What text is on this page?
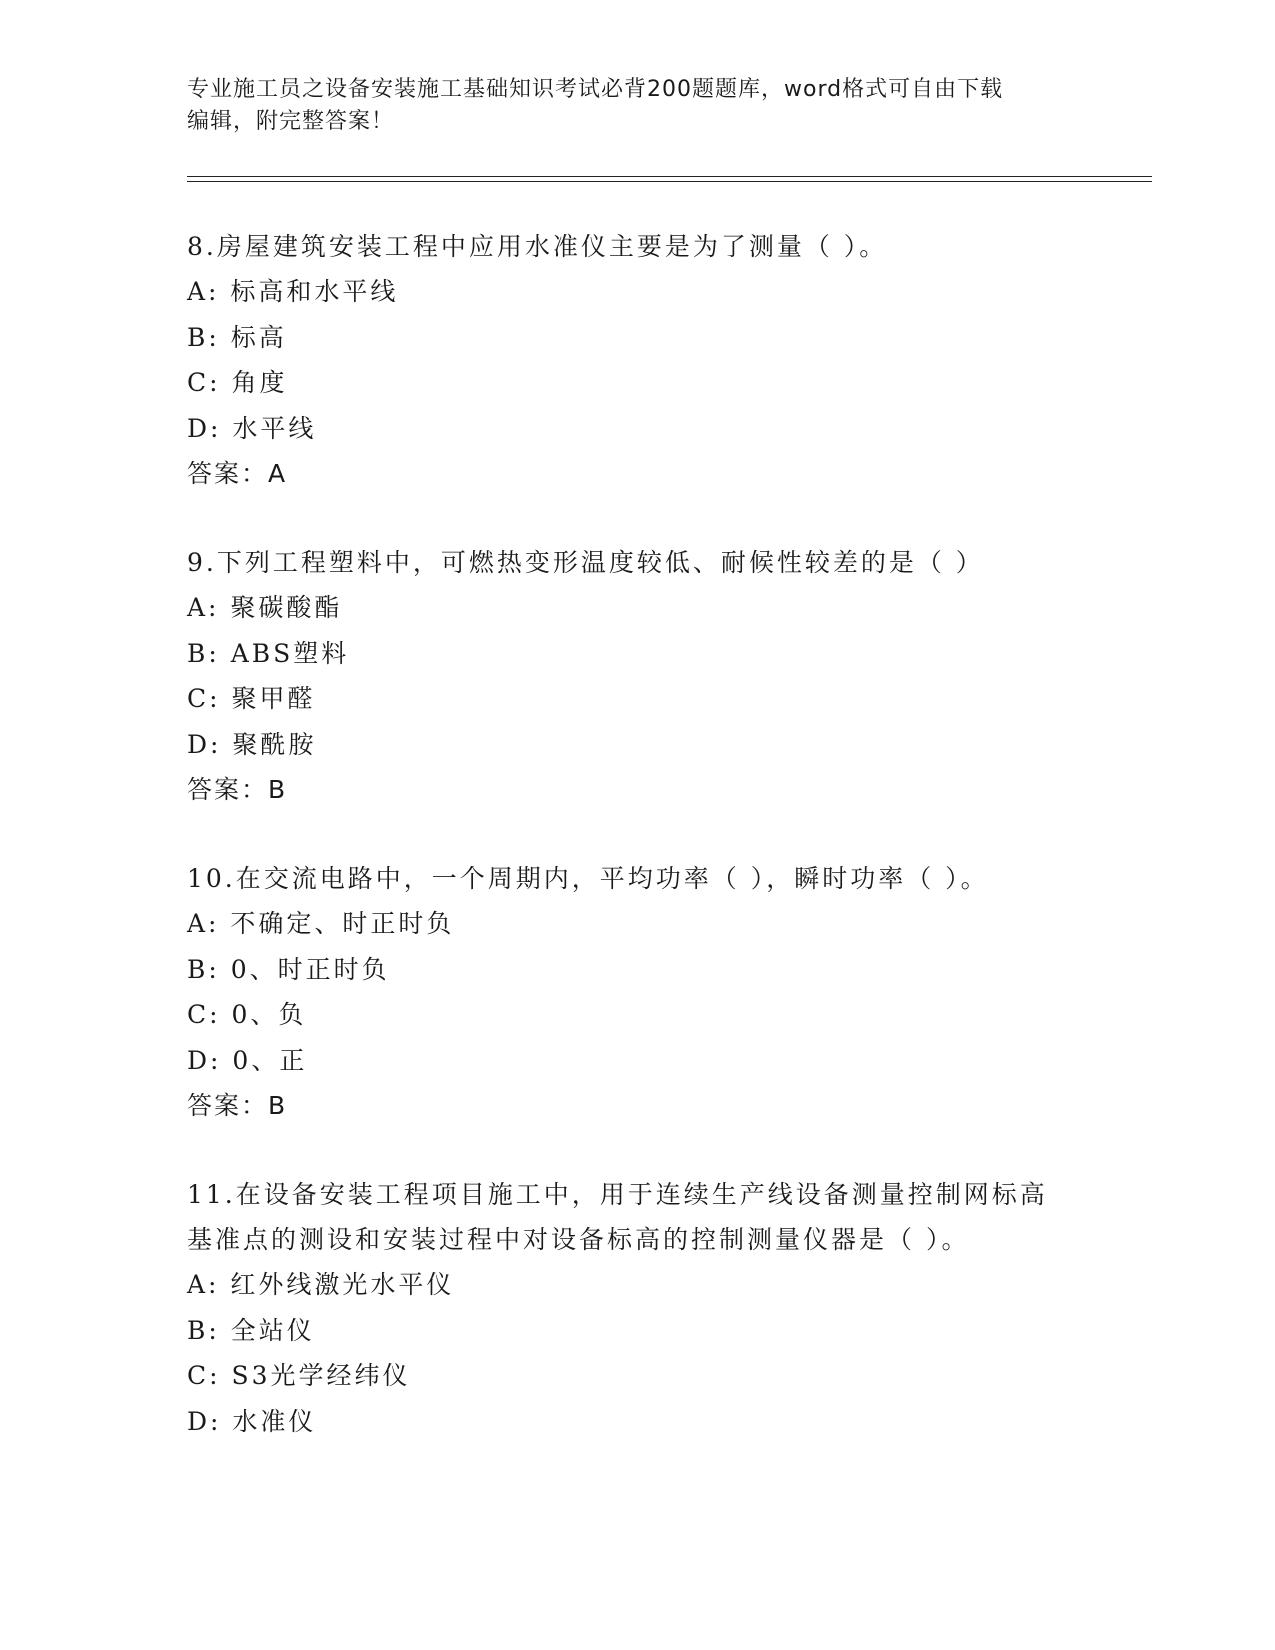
专业施工员之设备安装施工基础知识考试必背200题题库，word格式可自由下载
编辑，附完整答案！

8.房屋建筑安装工程中应用水准仪主要是为了测量（ ）。

A: 标高和水平线

B: 标高

C: 角度

D: 水平线

答案：A

9.下列工程塑料中，可燃热变形温度较低、耐候性较差的是（ ）

A: 聚碳酸酯

B: ABS塑料

C: 聚甲醛

D: 聚酰胺

答案：B

10.在交流电路中，一个周期内，平均功率（ ），瞬时功率（ ）。

A: 不确定、时正时负

B: 0、时正时负

C: 0、负

D: 0、正

答案：B

11.在设备安装工程项目施工中，用于连续生产线设备测量控制网标高

基准点的测设和安装过程中对设备标高的控制测量仪器是（ ）。

A: 红外线激光水平仪

B: 全站仪

C: S3光学经纬仪

D: 水准仪
